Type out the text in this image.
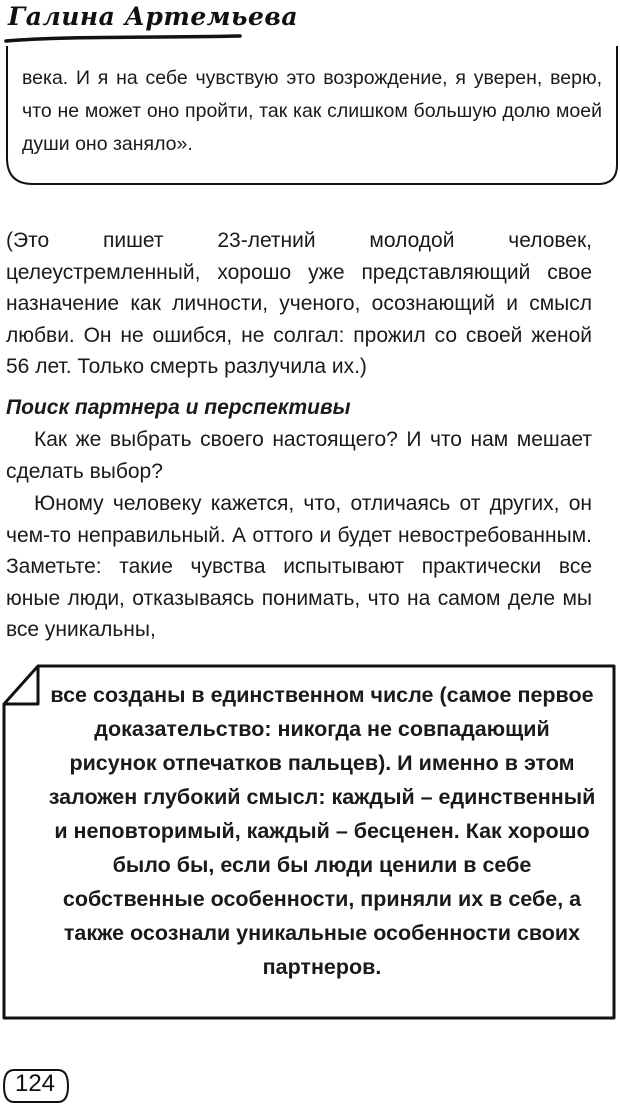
Галина Артемьева

века. И я на себе чувствую это возрождение, я уверен, верю, что не может оно пройти, так как слишком большую долю моей души оно заняло».

(Это пишет 23-летний молодой человек, целеустремленный, хорошо уже представляющий свое назначение как личности, ученого, осознающий и смысл любви. Он не ошибся, не солгал: прожил со своей женой 56 лет. Только смерть разлучила их.)

Поиск партнера и перспективы

Как же выбрать своего настоящего? И что нам мешает сделать выбор?

Юному человеку кажется, что, отличаясь от других, он чем-то неправильный. А оттого и будет невостребованным. Заметьте: такие чувства испытывают практически все юные люди, отказываясь понимать, что на самом деле мы все уникальны,

все созданы в единственном числе (самое первое доказательство: никогда не совпадающий рисунок отпечатков пальцев). И именно в этом заложен глубокий смысл: каждый – единственный и неповторимый, каждый – бесценен. Как хорошо было бы, если бы люди ценили в себе собственные особенности, приняли их в себе, а также осознали уникальные особенности своих партнеров.

124
